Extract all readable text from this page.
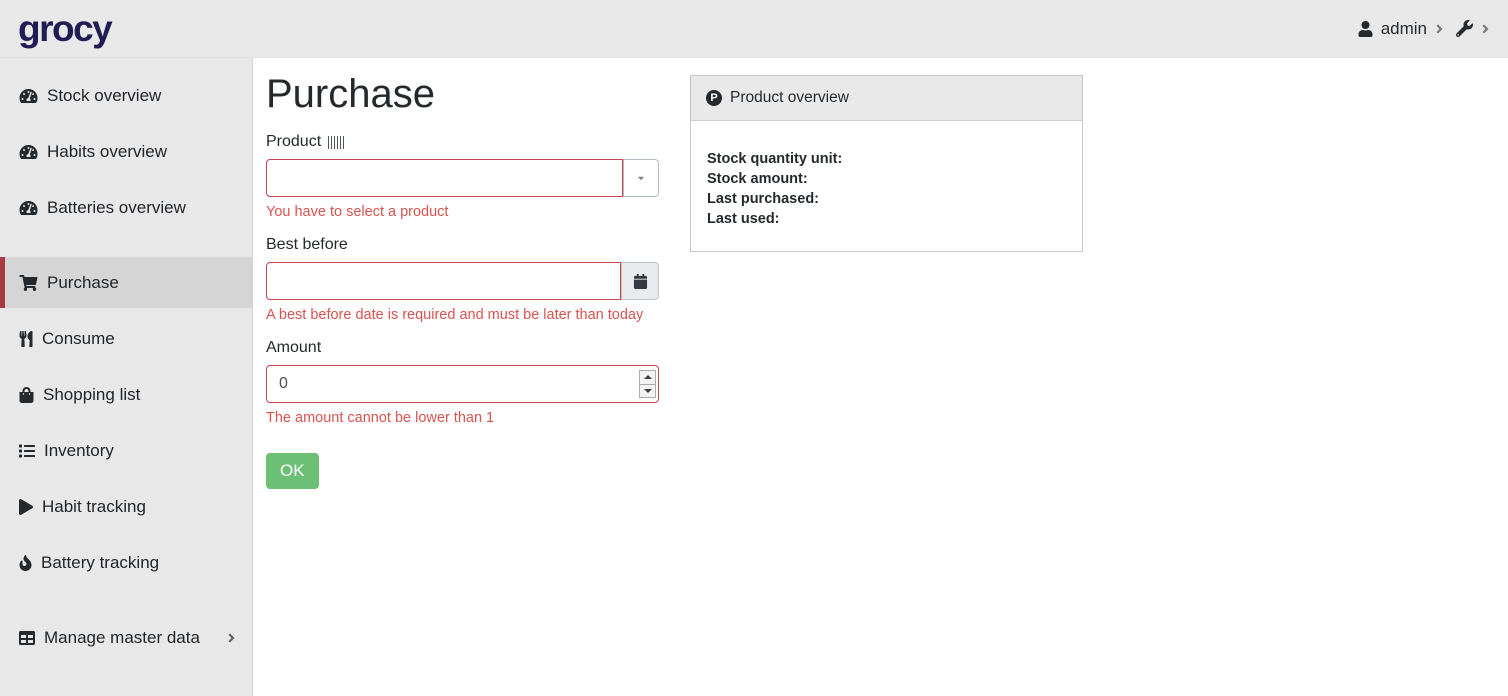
grocy	admin
Stock overview
Habits overview
Batteries overview
Purchase
Consume
Shopping list
Inventory
Habit tracking
Battery tracking
Manage master data
Purchase
Product
You have to select a product
Best before
A best before date is required and must be later than today
Amount
0
The amount cannot be lower than 1
OK
P
Product overview
Stock quantity unit:
Stock amount:
Last purchased:
Last used:
